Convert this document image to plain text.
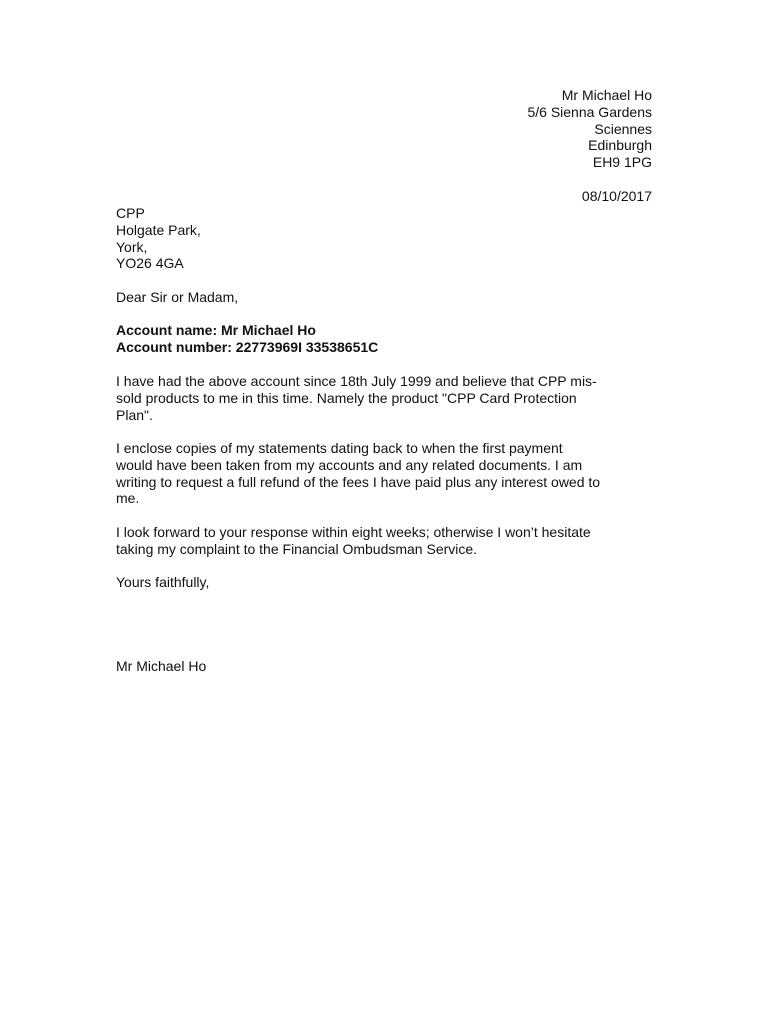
Mr Michael Ho
5/6 Sienna Gardens
Sciennes
Edinburgh
EH9 1PG
08/10/2017
CPP
Holgate Park,
York,
YO26 4GA
Dear Sir or Madam,
Account name: Mr Michael Ho
Account number: 22773969I 33538651C
I have had the above account since 18th July 1999 and believe that CPP mis-
sold products to me in this time. Namely the product "CPP Card Protection
Plan".
I enclose copies of my statements dating back to when the first payment
would have been taken from my accounts and any related documents. I am
writing to request a full refund of the fees I have paid plus any interest owed to
me.
I look forward to your response within eight weeks; otherwise I won’t hesitate
taking my complaint to the Financial Ombudsman Service.
Yours faithfully,
Mr Michael Ho
